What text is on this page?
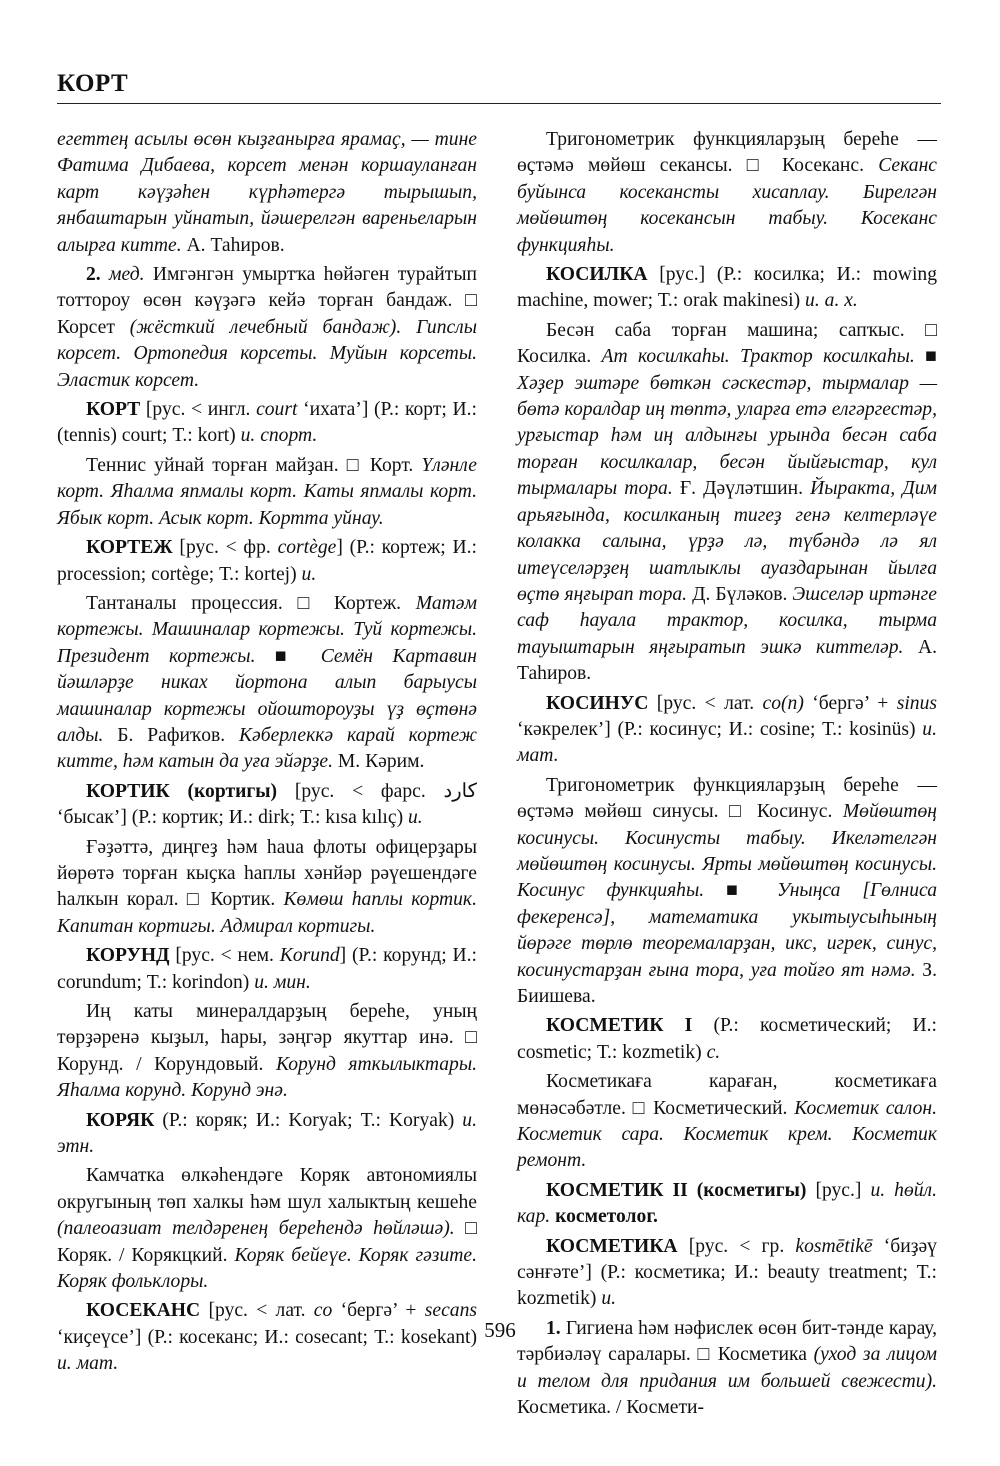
КОРТ

егеттең асылы өсөн кыҙғанырға ярамаҫ, — тине Фатима Дибаева, корсет менән коршауланған карт кәүҙәһен күрһәтергә тырышып, янбаштарын уйнатып, йәшерелгән вареньеларын алырға китте. А. Таһиров.

2. мед. Имгәнгән умыртҡа һөйәген турайтып тоттороу өсөн кәүҙәгә кейә торған бандаж. □ Корсет (жёсткий лечебный бандаж). Гипслы корсет. Ортопедия корсеты. Муйын корсеты. Эластик корсет.

КОРТ [рус. < ингл. court ‘ихата’] (Р.: корт; И.: (tennis) court; Т.: kort) и. спорт.

Теннис уйнай торған майҙан. □ Корт. Үләнле корт. Яһалма япмалы корт. Каты япмалы корт. Ябык корт. Асык корт. Кортта уйнау.

КОРТЕЖ [рус. < фр. cortège] (Р.: кортеж; И.: procession; cortège; Т.: kortej) и.

Тантаналы процессия. □ Кортеж. Матәм кортежы. Машиналар кортежы. Туй кортежы. Президент кортежы. ■ Семён Картавин йәшләрҙе никах йортона алып барыусы машиналар кортежы ойоштороуҙы үҙ өҫтөнә алды. Б. Рафиҡов. Кәберлеккә карай кортеж китте, һәм катын да уға эйәрҙе. М. Кәрим.

КОРТИК (кортигы) [рус. < фарс. کارد ‘бысак’] (Р.: кортик; И.: dirk; Т.: kısa kılıç) и.

Ғәҙәттә, диңгеҙ һәм һаua флоты офицерҙары йөрөтә торған кыҫка һаплы хәнйәр рәүешендәге һалкын корал. □ Кортик. Көмөш һаплы кортик. Капитан кортигы. Адмирал кортигы.

КОРУНД [рус. < нем. Korund] (Р.: корунд; И.: corundum; Т.: korindon) и. мин.

Иң каты минералдарҙың береһе, уның төрҙәренә кыҙыл, һары, зәңгәр якуттар инә. □ Корунд. / Корундовый. Корунд яткылыктары. Яһалма корунд. Корунд энә.

КОРЯК (Р.: коряк; И.: Koryak; Т.: Koryak) и. этн.

Камчатка өлкәһендәге Коряк автономиялы округының төп халкы һәм шул халыктың кешеһе (палеоазиат телдәренең береһендә һөйләшә). □ Коряк. / Корякцкий. Коряк бейеүе. Коряк гәзите. Коряк фольклоры.

КОСЕКАНС [рус. < лат. co ‘бергә’ + secans ‘киҫеүсе’] (Р.: косеканс; И.: cosecant; Т.: kosekant) и. мат.

Тригонометрик функцияларҙың береһе — өҫтәмә мөйөш секансы. □ Косеканс. Секанс буйынса косекансты хисаплау. Бирелгән мөйөштөң косекансын табыу. Косеканс функцияһы.

КОСИЛКА [рус.] (Р.: косилка; И.: mowing machine, mower; Т.: orak makinesi) и. а. х.

Бесән саба торған машина; сапҡыс. □ Косилка. Ат косилкаһы. Трактор косилкаһы. ■ Хәҙер эштәре бөткән сәскестәр, тырмалар — бөтә коралдар иң төптә, уларға етә елгәргестәр, урғыстар һәм иң алдынғы урында бесән саба торған косилкалар, бесән йыйғыстар, кул тырмалары тора. Ғ. Дәүләтшин. Йыракта, Дим арьяғында, косилканың тигеҙ генә келтерләүе колакка салына, үрҙә лә, түбәндә лә ял итеүселәрҙең шатлыклы ауаздарынан йылға өҫтө яңғырап тора. Д. Бүләков. Эшселәр иртәнге саф һауала трактор, косилка, тырма тауыштарын яңғыратып эшкә киттеләр. А. Таһиров.

КОСИНУС [рус. < лат. co(n) ‘бергә’ + sinus ‘кәкрелек’] (Р.: косинус; И.: cosine; Т.: kosinüs) и. мат.

Тригонометрик функцияларҙың береһе — өҫтәмә мөйөш синусы. □ Косинус. Мөйөштөң косинусы. Косинусты табыу. Икеләтелгән мөйөштөң косинусы. Ярты мөйөштөң косинусы. Косинус функцияһы. ■ Уныңса [Гөлниса фекеренсә], математика укытыусыһының йөрәге төрлө теоремаларҙан, икс, игрек, синус, косинустарҙан ғына тора, уға тойғо ят нәмә. З. Биишева.

КОСМЕТИК I (Р.: косметический; И.: cosmetic; Т.: kozmetik) с.

Косметикаға караған, косметикаға мөнәсәбәтле. □ Косметический. Косметик салон. Косметик сара. Косметик крем. Косметик ремонт.

КОСМЕТИК II (косметигы) [рус.] и. һөйл. кар. косметолог.

КОСМЕТИКА [рус. < гр. kosmētikē ‘биҙәү сәнғәте’] (Р.: косметика; И.: beauty treatment; Т.: kozmetik) и.

1. Гигиена һәм нәфислек өсөн бит-тәнде карау, тәрбиәләү саралары. □ Косметика (уход за лицом и телом для придания им большей свежести). Косметика. / Космети-

596
